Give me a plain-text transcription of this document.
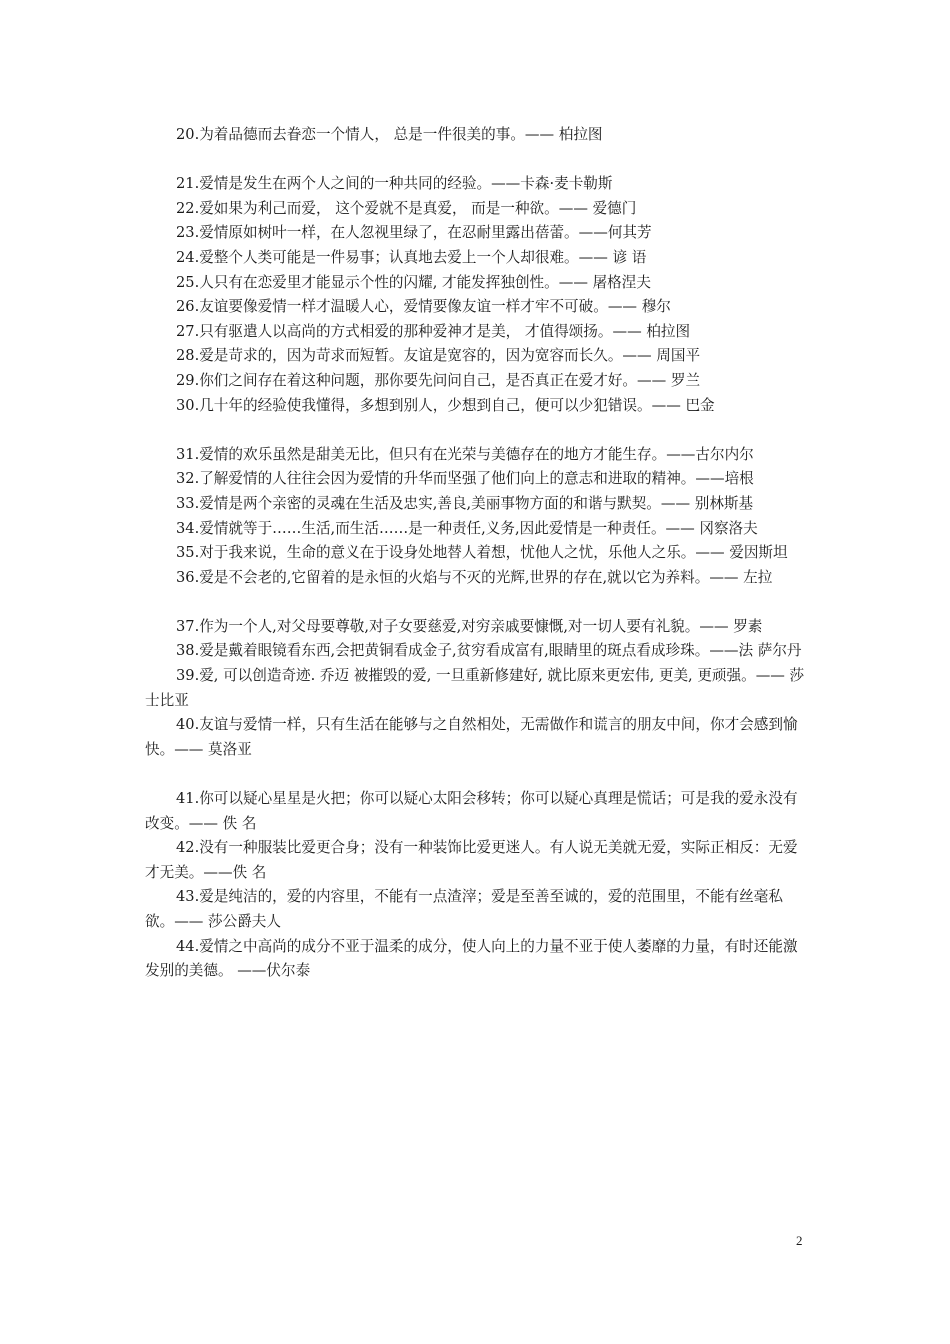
20.为着品德而去眷恋一个情人， 总是一件很美的事。—— 柏拉图

21.爱情是发生在两个人之间的一种共同的经验。——卡森·麦卡勒斯

22.爱如果为利己而爱， 这个爱就不是真爱， 而是一种欲。—— 爱德门

23.爱情原如树叶一样，在人忽视里绿了，在忍耐里露出蓓蕾。——何其芳

24.爱整个人类可能是一件易事；认真地去爱上一个人却很难。—— 谚 语

25.人只有在恋爱里才能显示个性的闪耀, 才能发挥独创性。—— 屠格涅夫

26.友谊要像爱情一样才温暖人心，爱情要像友谊一样才牢不可破。—— 穆尔

27.只有驱遣人以高尚的方式相爱的那种爱神才是美， 才值得颂扬。—— 柏拉图

28.爱是苛求的，因为苛求而短暂。友谊是宽容的，因为宽容而长久。—— 周国平

29.你们之间存在着这种问题，那你要先问问自己，是否真正在爱才好。—— 罗兰

30.几十年的经验使我懂得，多想到别人，少想到自己，便可以少犯错误。—— 巴金

31.爱情的欢乐虽然是甜美无比，但只有在光荣与美德存在的地方才能生存。——古尔内尔

32.了解爱情的人往往会因为爱情的升华而坚强了他们向上的意志和进取的精神。——培根

33.爱情是两个亲密的灵魂在生活及忠实,善良,美丽事物方面的和谐与默契。—— 别林斯基

34.爱情就等于……生活,而生活……是一种责任,义务,因此爱情是一种责任。—— 冈察洛夫

35.对于我来说，生命的意义在于设身处地替人着想，忧他人之忧，乐他人之乐。—— 爱因斯坦

36.爱是不会老的,它留着的是永恒的火焰与不灭的光辉,世界的存在,就以它为养料。—— 左拉

37.作为一个人,对父母要尊敬,对子女要慈爱,对穷亲戚要慷慨,对一切人要有礼貌。—— 罗素

38.爱是戴着眼镜看东西,会把黄铜看成金子,贫穷看成富有,眼睛里的斑点看成珍珠。——法 萨尔丹

39.爱, 可以创造奇迹. 乔迈 被摧毁的爱, 一旦重新修建好, 就比原来更宏伟, 更美, 更顽强。—— 莎士比亚

40.友谊与爱情一样，只有生活在能够与之自然相处，无需做作和谎言的朋友中间，你才会感到愉快。—— 莫洛亚

41.你可以疑心星星是火把；你可以疑心太阳会移转；你可以疑心真理是慌话；可是我的爱永没有改变。—— 佚 名

42.没有一种服装比爱更合身；没有一种装饰比爱更迷人。有人说无美就无爱，实际正相反：无爱才无美。——佚 名

43.爱是纯洁的，爱的内容里，不能有一点渣滓；爱是至善至诚的，爱的范围里，不能有丝毫私欲。—— 莎公爵夫人

44.爱情之中高尚的成分不亚于温柔的成分，使人向上的力量不亚于使人萎靡的力量，有时还能激发别的美德。 ——伏尔泰

2
